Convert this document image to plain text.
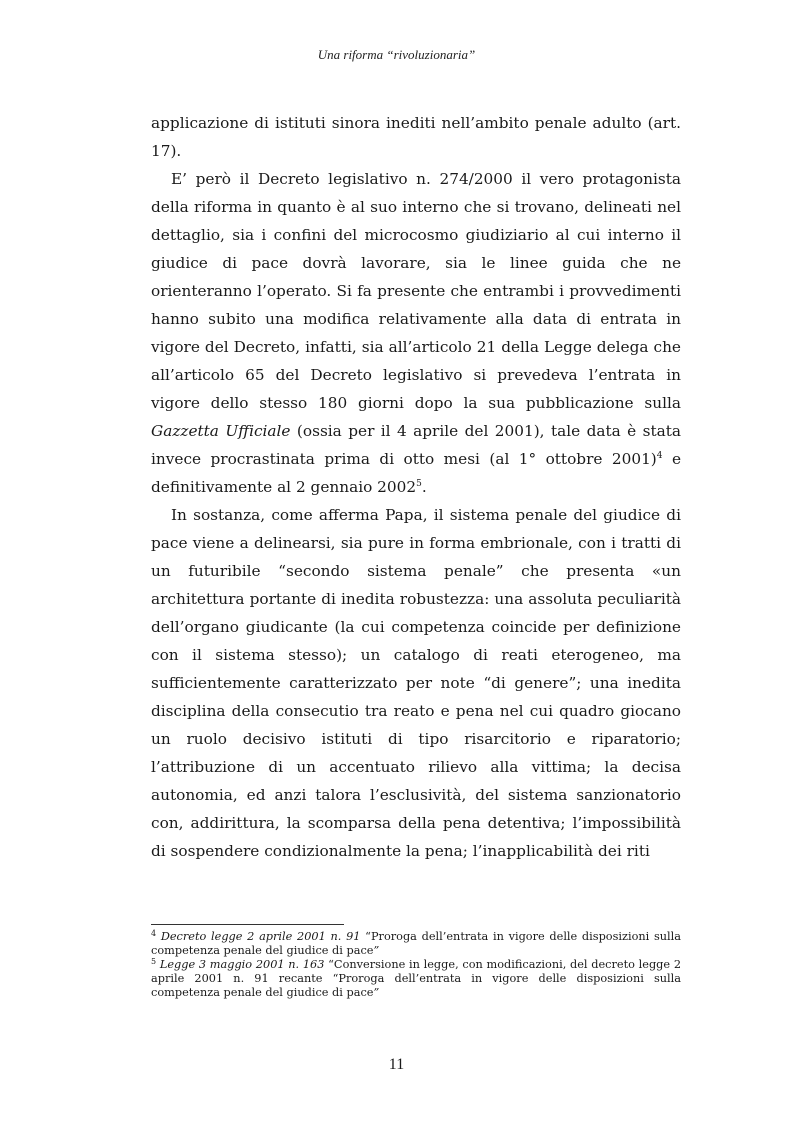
Una riforma “rivoluzionaria”

applicazione di istituti sinora inediti nell’ambito penale adulto (art. 17).

E’ però il Decreto legislativo n. 274/2000 il vero protagonista della riforma in quanto è al suo interno che si trovano, delineati nel dettaglio, sia i confini del microcosmo giudiziario al cui interno il giudice di pace dovrà lavorare, sia le linee guida che ne orienteranno l’operato. Si fa presente che entrambi i provvedimenti hanno subito una modifica relativamente alla data di entrata in vigore del Decreto, infatti, sia all’articolo 21 della Legge delega che all’articolo 65 del Decreto legislativo si prevedeva l’entrata in vigore dello stesso 180 giorni dopo la sua pubblicazione sulla Gazzetta Ufficiale (ossia per il 4 aprile del 2001), tale data è stata invece procrastinata prima di otto mesi (al 1° ottobre 2001)$^4$ e definitivamente al 2 gennaio 2002$^5$.

In sostanza, come afferma Papa, il sistema penale del giudice di pace viene a delinearsi, sia pure in forma embrionale, con i tratti di un futuribile “secondo sistema penale” che presenta «un architettura portante di inedita robustezza: una assoluta peculiarità dell’organo giudicante (la cui competenza coincide per definizione con il sistema stesso); un catalogo di reati eterogeneo, ma sufficientemente caratterizzato per note “di genere”; una inedita disciplina della consecutio tra reato e pena nel cui quadro giocano un ruolo decisivo istituti di tipo risarcitorio e riparatorio; l’attribuzione di un accentuato rilievo alla vittima; la decisa autonomia, ed anzi talora l’esclusività, del sistema sanzionatorio con, addirittura, la scomparsa della pena detentiva; l’impossibilità di sospendere condizionalmente la pena; l’inapplicabilità dei riti

$^4$ Decreto legge 2 aprile 2001 n. 91 “Proroga dell’entrata in vigore delle disposizioni sulla competenza penale del giudice di pace”

$^5$ Legge 3 maggio 2001 n. 163 “Conversione in legge, con modificazioni, del decreto legge 2 aprile 2001 n. 91 recante “Proroga dell’entrata in vigore delle disposizioni sulla competenza penale del giudice di pace”

11
